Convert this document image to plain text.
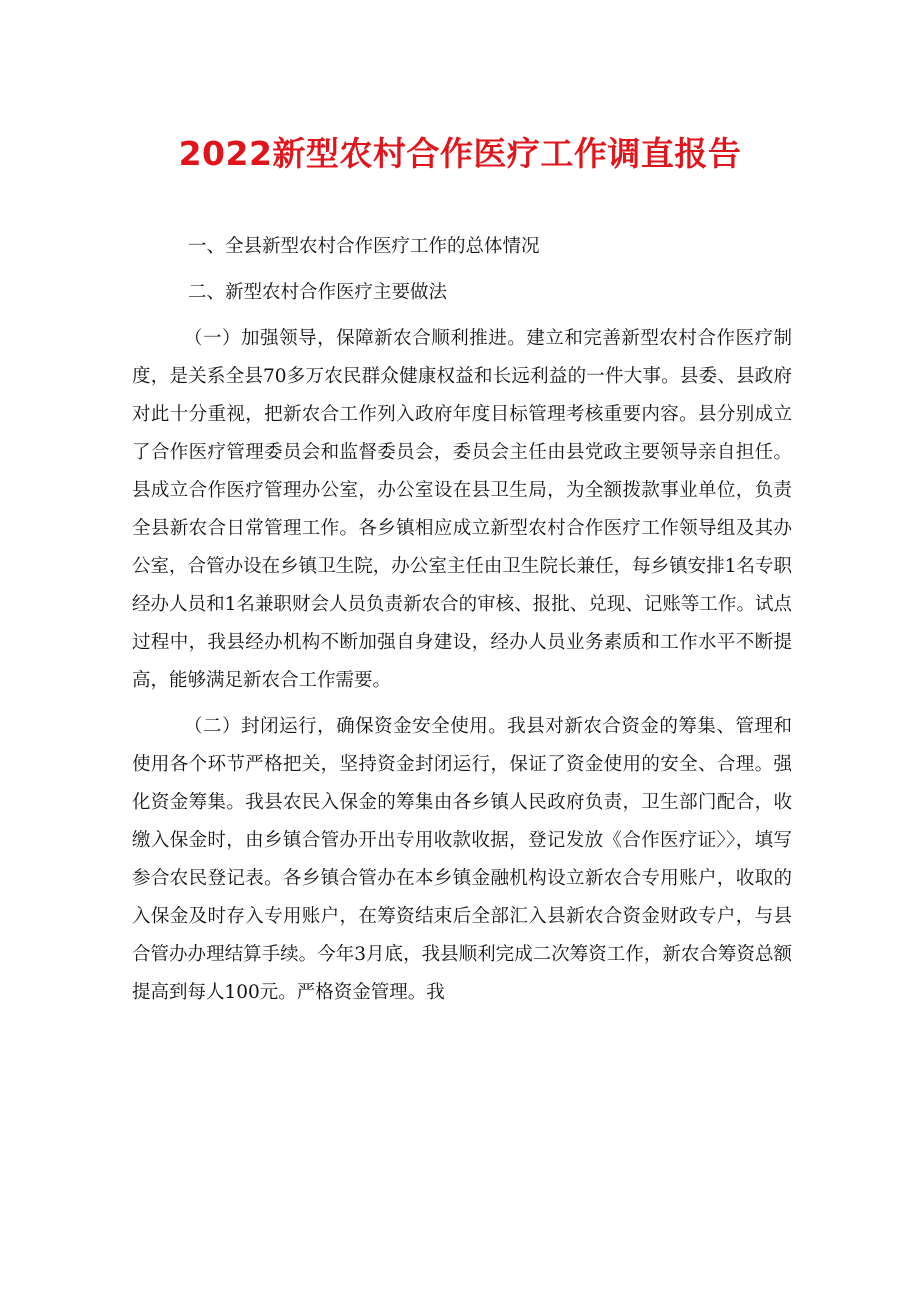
2022新型农村合作医疗工作调直报告

一、全县新型农村合作医疗工作的总体情况

二、新型农村合作医疗主要做法

（一）加强领导，保障新农合顺利推进。建立和完善新型农村合作医疗制度，是关系全县70多万农民群众健康权益和长远利益的一件大事。县委、县政府对此十分重视，把新农合工作列入政府年度目标管理考核重要内容。县分别成立了合作医疗管理委员会和监督委员会，委员会主任由县党政主要领导亲自担任。县成立合作医疗管理办公室，办公室设在县卫生局，为全额拨款事业单位，负责全县新农合日常管理工作。各乡镇相应成立新型农村合作医疗工作领导组及其办公室，合管办设在乡镇卫生院，办公室主任由卫生院长兼任，每乡镇安排1名专职经办人员和1名兼职财会人员负责新农合的审核、报批、兑现、记账等工作。试点过程中，我县经办机构不断加强自身建设，经办人员业务素质和工作水平不断提高，能够满足新农合工作需要。

（二）封闭运行，确保资金安全使用。我县对新农合资金的筹集、管理和使用各个环节严格把关，坚持资金封闭运行，保证了资金使用的安全、合理。强化资金筹集。我县农民入保金的筹集由各乡镇人民政府负责，卫生部门配合，收缴入保金时，由乡镇合管办开出专用收款收据，登记发放《合作医疗证〉〉，填写参合农民登记表。各乡镇合管办在本乡镇金融机构设立新农合专用账户，收取的入保金及时存入专用账户，在筹资结束后全部汇入县新农合资金财政专户，与县合管办办理结算手续。今年3月底，我县顺利完成二次筹资工作，新农合筹资总额提高到每人100元。严格资金管理。我
